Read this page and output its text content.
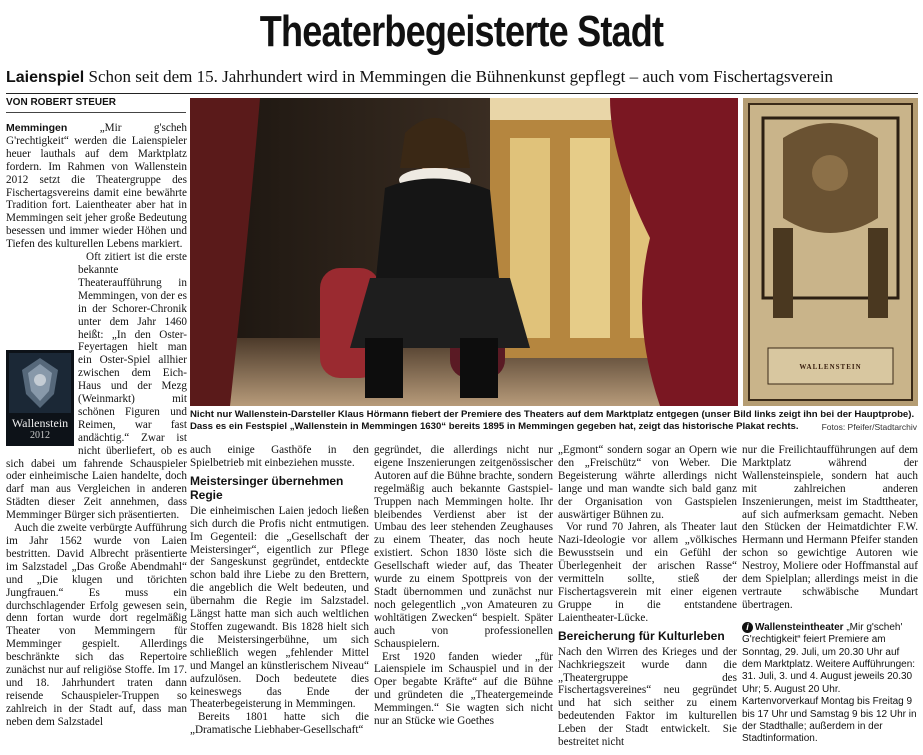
Theaterbegeisterte Stadt
Laienspiel Schon seit dem 15. Jahrhundert wird in Memmingen die Bühnenkunst gepflegt – auch vom Fischertagsverein
VON ROBERT STEUER

Memmingen	„Mir g'scheh G'rechtigkeit“ werden die Laienspieler heuer lauthals auf dem Marktplatz fordern. Im Rahmen von Wallenstein 2012 setzt die Theatergruppe des Fischertagsvereins damit eine bewährte Tradition fort. Laientheater aber hat in Memmingen seit jeher große Bedeutung besessen und immer wieder Höhen und Tiefen des kulturellen Lebens markiert.

Oft zitiert ist die erste bekannte Theateraufführung in Memmingen, von der es in der Schorer-Chronik unter dem Jahr 1460 heißt: „In den Oster-Feyertagen hielt man ein Oster-Spiel allhier zwischen dem Eich-Haus und der Mezg (Weinmarkt) mit schönen Figuren und Reimen, war fast andächtig.“ Zwar ist nicht überliefert, ob es sich dabei um fahrende Schauspieler oder einheimische Laien handelte, doch darf man aus Vergleichen in anderen Städten dieser Zeit annehmen, dass Memminger Bürger sich präsentierten.

Auch die zweite verbürgte Aufführung im Jahr 1562 wurde von Laien bestritten. David Albrecht präsentierte im Salzstadel „Das Große Abendmahl“ und „Die klugen und törichten Jungfrauen.“ Es muss ein durchschlagender Erfolg gewesen sein, denn fortan wurde dort regelmäßig Theater von Memmingern für Memminger gespielt. Allerdings beschränkte sich das Repertoire zunächst nur auf religiöse Stoffe. Im 17. und 18. Jahrhundert traten dann reisende Schauspieler-Truppen so zahlreich in der Stadt auf, dass man neben dem Salzstadel

Wallenstein
2012
WALLENSTEIN
Nicht nur Wallenstein-Darsteller Klaus Hörmann fiebert der Premiere des Theaters auf dem Marktplatz entgegen (unser Bild links zeigt ihn bei der Hauptprobe). Dass es ein Festspiel „Wallenstein in Memmingen 1630“ bereits 1895 in Memmingen gegeben hat, zeigt das historische Plakat rechts.	Fotos: Pfeifer/Stadtarchiv

auch einige Gasthöfe in den Spielbetrieb mit einbeziehen musste.

Meistersinger übernehmen Regie

Die einheimischen Laien jedoch ließen sich durch die Profis nicht entmutigen. Im Gegenteil: die „Gesellschaft der Meistersinger“, eigentlich zur Pflege der Sangeskunst gegründet, entdeckte schon bald ihre Liebe zu den Brettern, die angeblich die Welt bedeuten, und übernahm die Regie im Salzstadel. Längst hatte man sich auch weltlichen Stoffen zugewandt. Bis 1828 hielt sich die Meistersingerbühne, um sich schließlich wegen „fehlender Mittel und Mangel an künstlerischem Niveau“ aufzulösen. Doch bedeutete dies keineswegs das Ende der Theaterbegeisterung in Memmingen.

Bereits 1801 hatte sich die „Dramatische Liebhaber-Gesellschaft“

gegründet, die allerdings nicht nur eigene Inszenierungen zeitgenössischer Autoren auf die Bühne brachte, sondern regelmäßig auch bekannte Gastspiel-Truppen nach Memmingen holte. Ihr bleibendes Verdienst aber ist der Umbau des leer stehenden Zeughauses zu einem Theater, das noch heute existiert. Schon 1830 löste sich die Gesellschaft wieder auf, das Theater wurde zu einem Spottpreis von der Stadt übernommen und zunächst nur noch gelegentlich „von Amateuren zu wohltätigen Zwecken“ bespielt. Später auch von professionellen Schauspielern.

Erst 1920 fanden wieder „für Laienspiele im Schauspiel und in der Oper begabte Kräfte“ auf die Bühne und gründeten die „Theatergemeinde Memmingen.“ Sie wagten sich nicht nur an Stücke wie Goethes

„Egmont“ sondern sogar an Opern wie den „Freischütz“ von Weber. Die Begeisterung währte allerdings nicht lange und man wandte sich bald ganz der Organisation von Gastspielen auswärtiger Bühnen zu.

Vor rund 70 Jahren, als Theater laut Nazi-Ideologie vor allem „völkisches Bewusstsein und ein Gefühl der Überlegenheit der arischen Rasse“ vermitteln sollte, stieß der Fischertagsverein mit einer eigenen Gruppe in die entstandene Laientheater-Lücke.

Bereicherung für Kulturleben

Nach den Wirren des Krieges und der Nachkriegszeit wurde dann die „Theatergruppe des Fischertagsvereines“ neu gegründet und hat sich seither zu einem bedeutenden Faktor im kulturellen Leben der Stadt entwickelt. Sie bestreitet nicht

nur die Freilichtaufführungen auf dem Marktplatz während der Wallensteinspiele, sondern hat auch mit zahlreichen anderen Inszenierungen, meist im Stadttheater, auf sich aufmerksam gemacht. Neben den Stücken der Heimatdichter F.W. Hermann und Hermann Pfeifer standen schon so gewichtige Autoren wie Nestroy, Moliere oder Hoffmanstal auf dem Spielplan; allerdings meist in die vertraute schwäbische Mundart übertragen.

i Wallensteintheater „Mir g'scheh' G'rechtigkeit“ feiert Premiere am Sonntag, 29. Juli, um 20.30 Uhr auf dem Marktplatz. Weitere Aufführungen: 31. Juli, 3. und 4. August jeweils 20.30 Uhr; 5. August 20 Uhr. Kartenvorverkauf Montag bis Freitag 9 bis 17 Uhr und Samstag 9 bis 12 Uhr in der Stadthalle; außerdem in der Stadtinformation.
